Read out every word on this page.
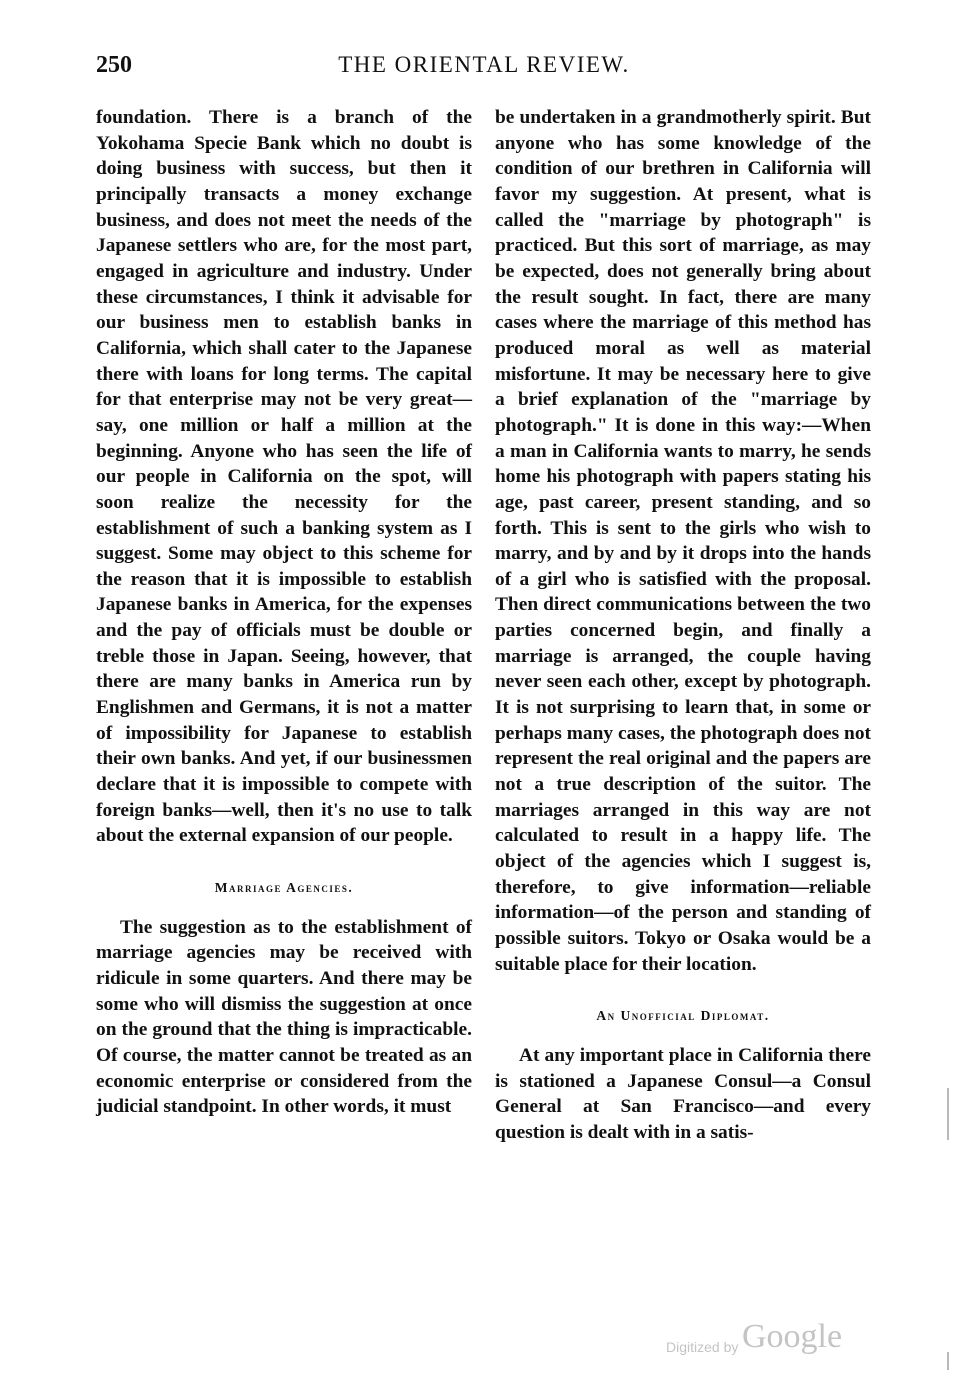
250	THE ORIENTAL REVIEW.

foundation. There is a branch of the Yokohama Specie Bank which no doubt is doing business with success, but then it principally transacts a money exchange business, and does not meet the needs of the Japanese settlers who are, for the most part, engaged in agriculture and industry. Under these circumstances, I think it advisable for our business men to establish banks in California, which shall cater to the Japanese there with loans for long terms. The capital for that enterprise may not be very great—say, one million or half a million at the beginning. Anyone who has seen the life of our people in California on the spot, will soon realize the necessity for the establishment of such a banking system as I suggest. Some may object to this scheme for the reason that it is impossible to establish Japanese banks in America, for the expenses and the pay of officials must be double or treble those in Japan. Seeing, however, that there are many banks in America run by Englishmen and Germans, it is not a matter of impossibility for Japanese to establish their own banks. And yet, if our businessmen declare that it is impossible to compete with foreign banks—well, then it's no use to talk about the external expansion of our people.

Marriage Agencies.

The suggestion as to the establishment of marriage agencies may be received with ridicule in some quarters. And there may be some who will dismiss the suggestion at once on the ground that the thing is impracticable. Of course, the matter cannot be treated as an economic enterprise or considered from the judicial standpoint. In other words, it must

be undertaken in a grandmotherly spirit. But anyone who has some knowledge of the condition of our brethren in California will favor my suggestion. At present, what is called the "marriage by photograph" is practiced. But this sort of marriage, as may be expected, does not generally bring about the result sought. In fact, there are many cases where the marriage of this method has produced moral as well as material misfortune. It may be necessary here to give a brief explanation of the "marriage by photograph." It is done in this way:—When a man in California wants to marry, he sends home his photograph with papers stating his age, past career, present standing, and so forth. This is sent to the girls who wish to marry, and by and by it drops into the hands of a girl who is satisfied with the proposal. Then direct communications between the two parties concerned begin, and finally a marriage is arranged, the couple having never seen each other, except by photograph. It is not surprising to learn that, in some or perhaps many cases, the photograph does not represent the real original and the papers are not a true description of the suitor. The marriages arranged in this way are not calculated to result in a happy life. The object of the agencies which I suggest is, therefore, to give information—reliable information—of the person and standing of possible suitors. Tokyo or Osaka would be a suitable place for their location.

An Unofficial Diplomat.

At any important place in California there is stationed a Japanese Consul—a Consul General at San Francisco—and every question is dealt with in a satis-

Digitized by Google
